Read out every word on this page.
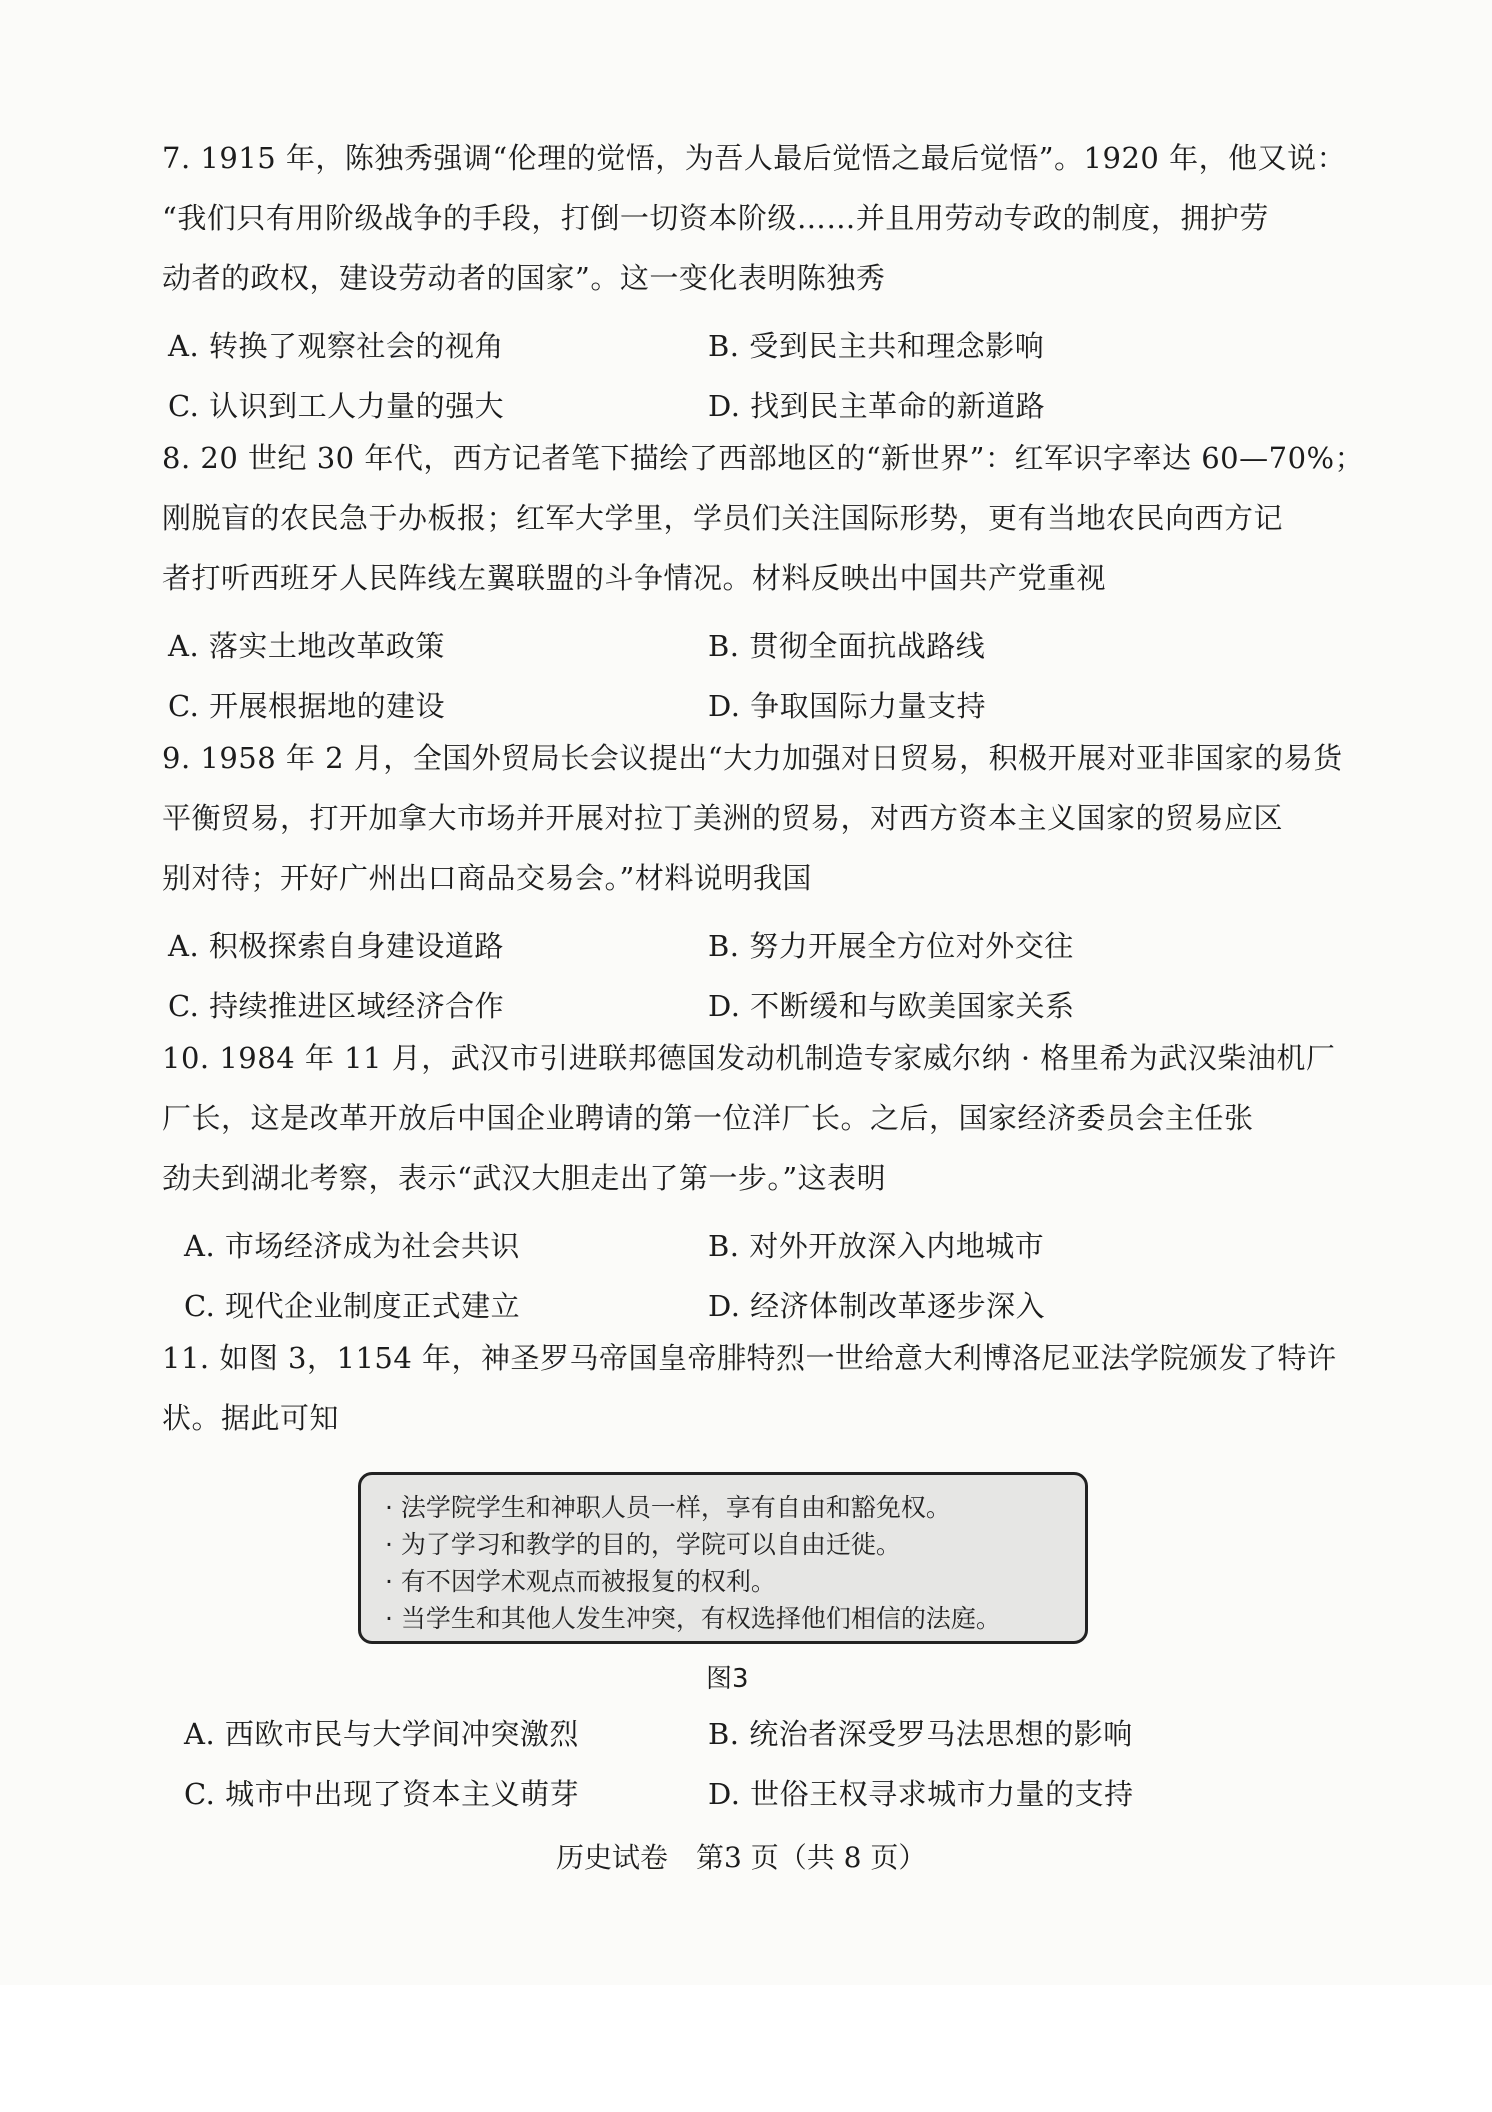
7. 1915 年，陈独秀强调“伦理的觉悟，为吾人最后觉悟之最后觉悟”。1920 年，他又说：
“我们只有用阶级战争的手段，打倒一切资本阶级……并且用劳动专政的制度，拥护劳
动者的政权，建设劳动者的国家”。这一变化表明陈独秀
A. 转换了观察社会的视角	B. 受到民主共和理念影响
C. 认识到工人力量的强大	D. 找到民主革命的新道路
8. 20 世纪 30 年代，西方记者笔下描绘了西部地区的“新世界”：红军识字率达 60—70%；
刚脱盲的农民急于办板报；红军大学里，学员们关注国际形势，更有当地农民向西方记
者打听西班牙人民阵线左翼联盟的斗争情况。材料反映出中国共产党重视
A. 落实土地改革政策	B. 贯彻全面抗战路线
C. 开展根据地的建设	D. 争取国际力量支持
9. 1958 年 2 月，全国外贸局长会议提出“大力加强对日贸易，积极开展对亚非国家的易货
平衡贸易，打开加拿大市场并开展对拉丁美洲的贸易，对西方资本主义国家的贸易应区
别对待；开好广州出口商品交易会。”材料说明我国
A. 积极探索自身建设道路	B. 努力开展全方位对外交往
C. 持续推进区域经济合作	D. 不断缓和与欧美国家关系
10. 1984 年 11 月，武汉市引进联邦德国发动机制造专家威尔纳 · 格里希为武汉柴油机厂
厂长，这是改革开放后中国企业聘请的第一位洋厂长。之后，国家经济委员会主任张
劲夫到湖北考察，表示“武汉大胆走出了第一步。”这表明
A. 市场经济成为社会共识	B. 对外开放深入内地城市
C. 现代企业制度正式建立	D. 经济体制改革逐步深入
11. 如图 3，1154 年，神圣罗马帝国皇帝腓特烈一世给意大利博洛尼亚法学院颁发了特许
状。据此可知
· 法学院学生和神职人员一样，享有自由和豁免权。
· 为了学习和教学的目的，学院可以自由迁徙。
· 有不因学术观点而被报复的权利。
· 当学生和其他人发生冲突，有权选择他们相信的法庭。
图3
A. 西欧市民与大学间冲突激烈	B. 统治者深受罗马法思想的影响
C. 城市中出现了资本主义萌芽	D. 世俗王权寻求城市力量的支持
历史试卷　第3 页（共 8 页）
